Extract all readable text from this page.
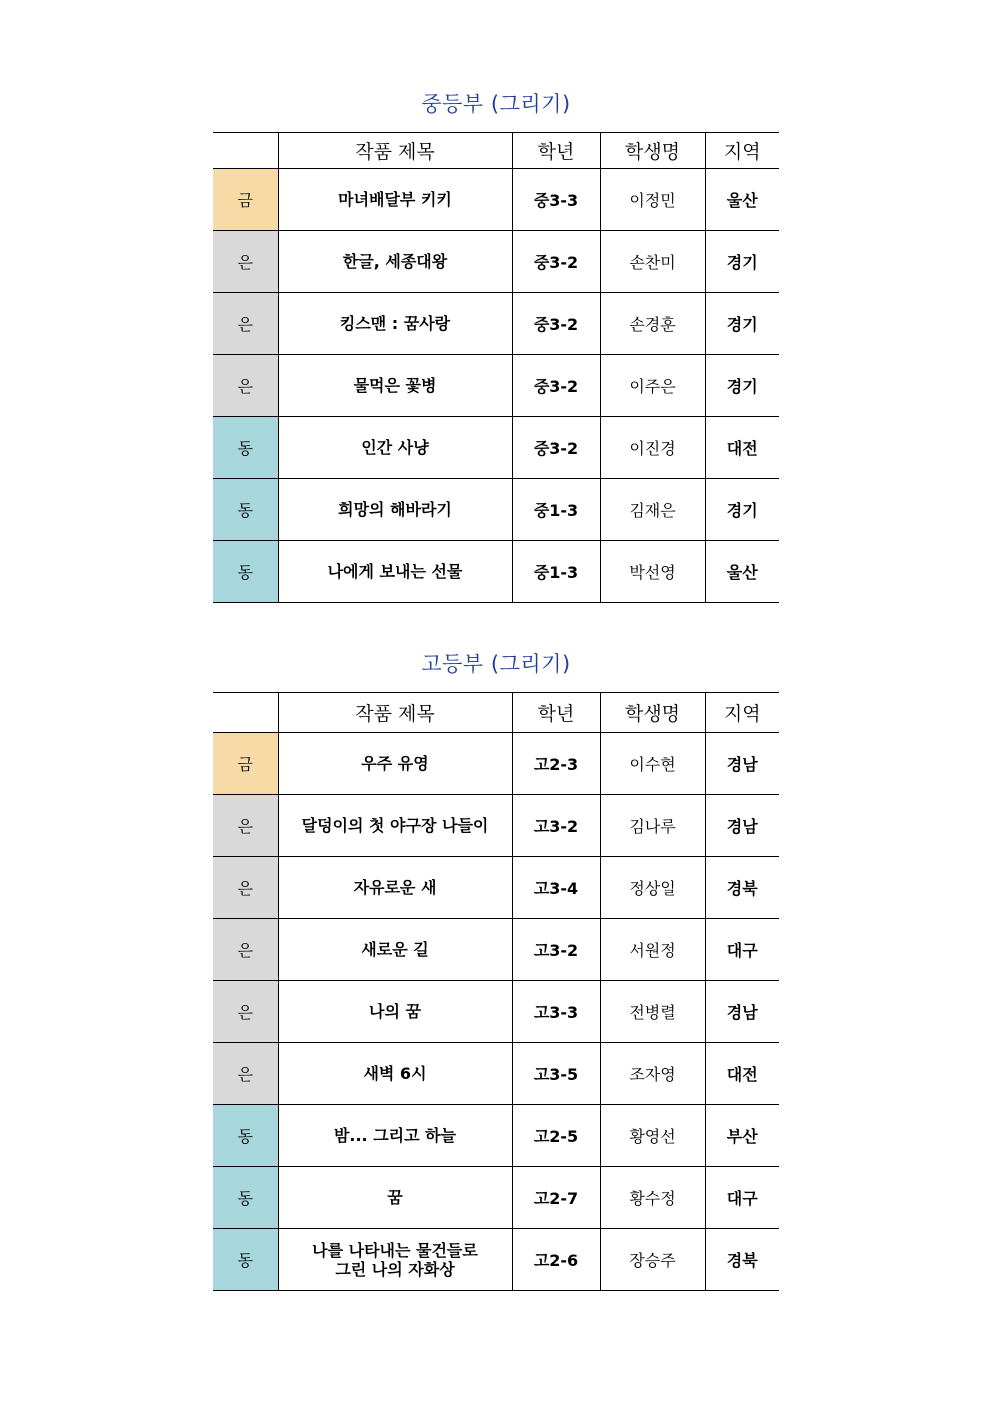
중등부 (그리기)
	작품 제목	학년	학생명	지역
금	마녀배달부 키키	중3-3	이정민	울산
은	한글, 세종대왕	중3-2	손찬미	경기
은	킹스맨 : 꿈사랑	중3-2	손경훈	경기
은	물먹은 꽃병	중3-2	이주은	경기
동	인간 사냥	중3-2	이진경	대전
동	희망의 해바라기	중1-3	김재은	경기
동	나에게 보내는 선물	중1-3	박선영	울산
고등부 (그리기)
	작품 제목	학년	학생명	지역
금	우주 유영	고2-3	이수현	경남
은	달덩이의 첫 야구장 나들이	고3-2	김나루	경남
은	자유로운 새	고3-4	정상일	경북
은	새로운 길	고3-2	서원정	대구
은	나의 꿈	고3-3	전병렬	경남
은	새벽 6시	고3-5	조자영	대전
동	밤... 그리고 하늘	고2-5	황영선	부산
동	꿈	고2-7	황수정	대구
동	나를 나타내는 물건들로
그린 나의 자화상	고2-6	장승주	경북
